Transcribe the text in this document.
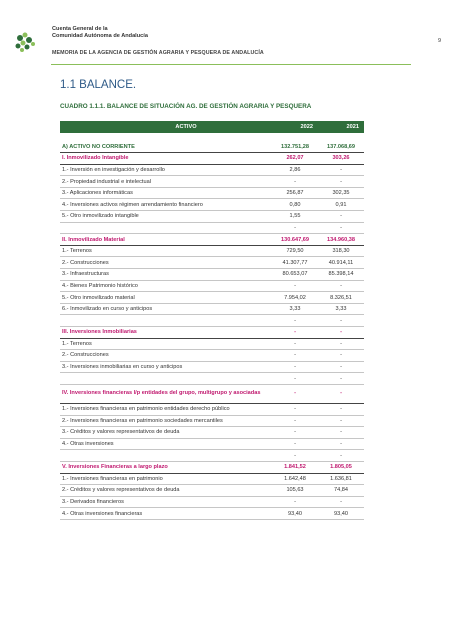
Cuenta General de la
Comunidad Autónoma de Andalucía
MEMORIA DE LA AGENCIA DE GESTIÓN AGRARIA Y PESQUERA DE ANDALUCÍA
9
1.1 BALANCE.
CUADRO 1.1.1. BALANCE DE SITUACIÓN AG. DE GESTIÓN AGRARIA Y PESQUERA
ACTIVO	2022	2021

A) ACTIVO NO CORRIENTE	132.751,28	137.068,69
I. Inmovilizado Intangible	262,07	303,26
1.- Inversión en investigación y desarrollo	2,86	-
2.- Propiedad industrial e intelectual	-	-
3.- Aplicaciones informáticas	256,87	302,35
4.- Inversiones activos régimen arrendamiento financiero	0,80	0,91
5.- Otro inmovilizado intangible	1,55	-
	-	-
II. Inmovilizado Material	130.647,69	134.960,38
1.- Terrenos	729,50	318,30
2.- Construcciones	41.307,77	40.914,11
3.- Infraestructuras	80.653,07	85.398,14
4.- Bienes Patrimonio histórico	-	-
5.- Otro inmovilizado material	7.954,02	8.326,51
6.- Inmovilizado en curso y anticipos	3,33	3,33
	-	-
III. Inversiones Inmobiliarias	-	-
1.- Terrenos	-	-
2.- Construcciones	-	-
3.- Inversiones inmobiliarias en curso y anticipos	-	-
	-	-
IV. Inversiones financieras l/p entidades del grupo, multigrupo y asociadas	-	-
1.- Inversiones financieras en patrimonio entidades derecho público	-	-
2.- Inversiones financieras en patrimonio sociedades mercantiles	-	-
3.- Créditos y valores representativos de deuda	-	-
4.- Otras inversiones	-	-
	-	-
V. Inversiones Financieras a largo plazo	1.841,52	1.805,05
1.- Inversiones financieras en patrimonio	1.642,48	1.636,81
2.- Créditos y valores representativos de deuda	105,63	74,84
3.- Derivados financieros	-	-
4.- Otras inversiones financieras	93,40	93,40
